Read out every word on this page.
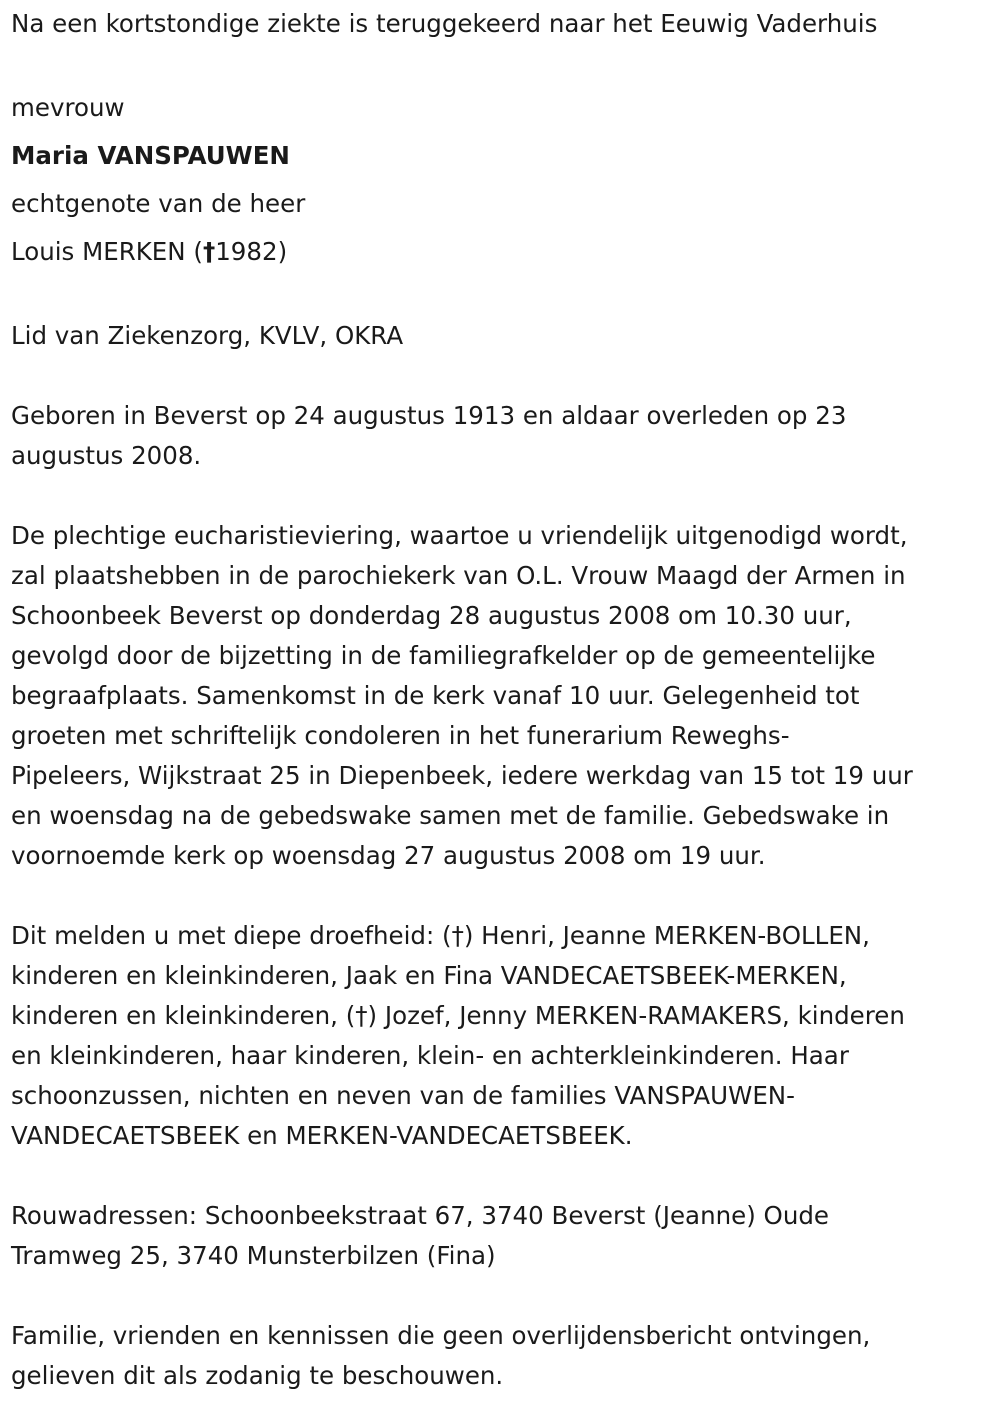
Na een kortstondige ziekte is teruggekeerd naar het Eeuwig Vaderhuis
mevrouw
Maria VANSPAUWEN
echtgenote van de heer
Louis MERKEN (†1982)
Lid van Ziekenzorg, KVLV, OKRA
Geboren in Beverst op 24 augustus 1913 en aldaar overleden op 23
augustus 2008.
De plechtige eucharistieviering, waartoe u vriendelijk uitgenodigd wordt,
zal plaatshebben in de parochiekerk van O.L. Vrouw Maagd der Armen in
Schoonbeek Beverst op donderdag 28 augustus 2008 om 10.30 uur,
gevolgd door de bijzetting in de familiegrafkelder op de gemeentelijke
begraafplaats. Samenkomst in de kerk vanaf 10 uur. Gelegenheid tot
groeten met schriftelijk condoleren in het funerarium Reweghs-
Pipeleers, Wijkstraat 25 in Diepenbeek, iedere werkdag van 15 tot 19 uur
en woensdag na de gebedswake samen met de familie. Gebedswake in
voornoemde kerk op woensdag 27 augustus 2008 om 19 uur.
Dit melden u met diepe droefheid: (†) Henri, Jeanne MERKEN-BOLLEN,
kinderen en kleinkinderen, Jaak en Fina VANDECAETSBEEK-MERKEN,
kinderen en kleinkinderen, (†) Jozef, Jenny MERKEN-RAMAKERS, kinderen
en kleinkinderen, haar kinderen, klein- en achterkleinkinderen. Haar
schoonzussen, nichten en neven van de families VANSPAUWEN-
VANDECAETSBEEK en MERKEN-VANDECAETSBEEK.
Rouwadressen: Schoonbeekstraat 67, 3740 Beverst (Jeanne) Oude
Tramweg 25, 3740 Munsterbilzen (Fina)
Familie, vrienden en kennissen die geen overlijdensbericht ontvingen,
gelieven dit als zodanig te beschouwen.
